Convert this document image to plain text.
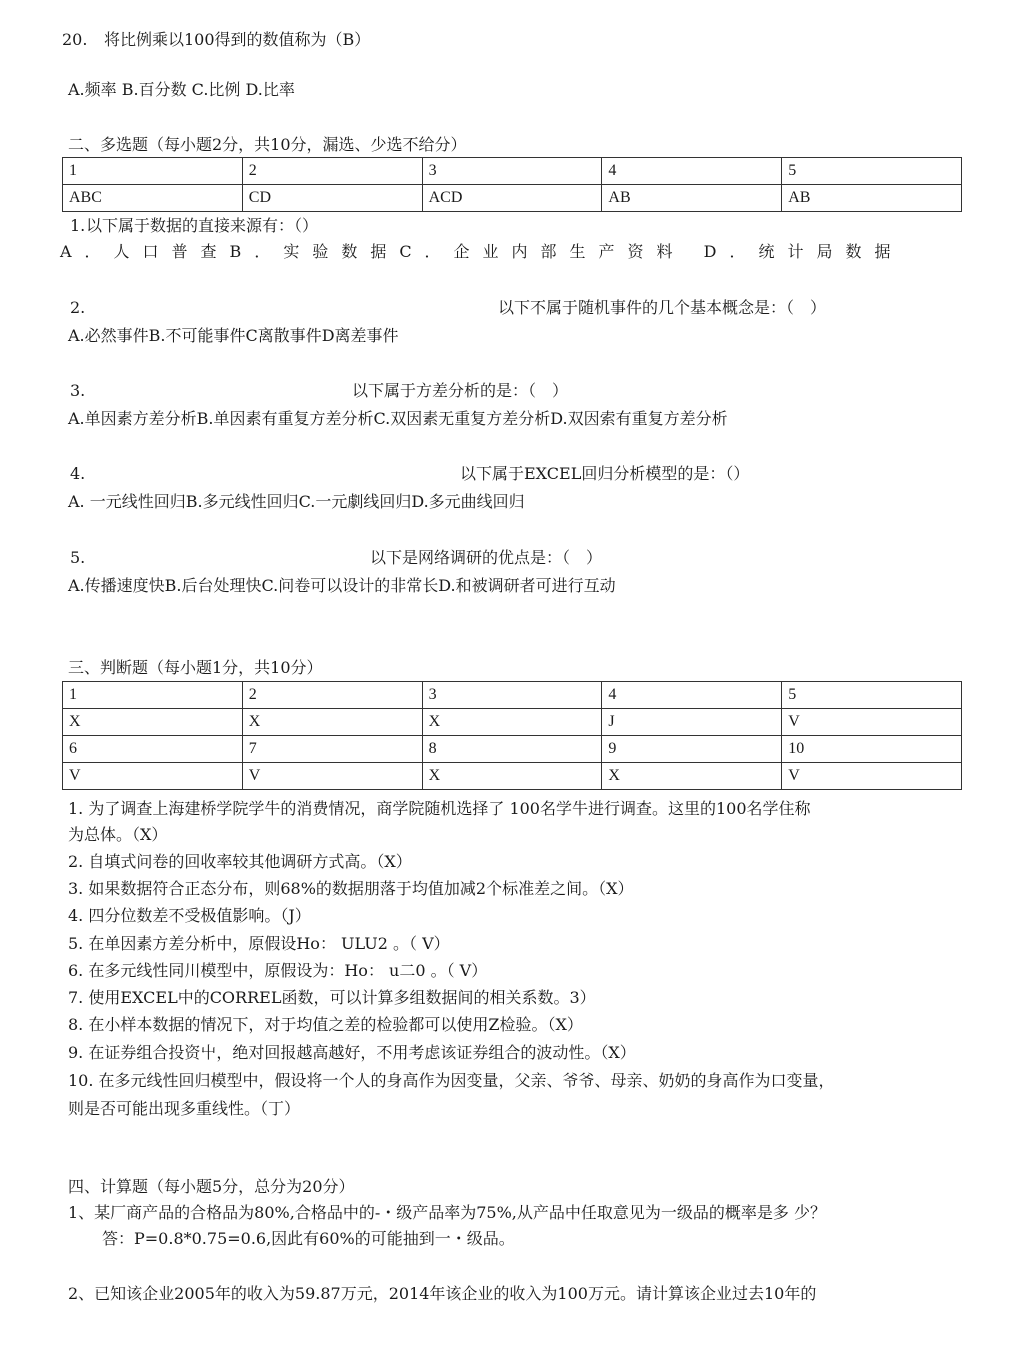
20. 将比例乘以100得到的数值称为（B）
A.频率 B.百分数 C.比例 D.比率
二、多选题（每小题2分，共10分，漏选、少选不给分）
1	2	3	4	5
ABC	CD	ACD	AB	AB
1. 以下属于数据的直接来源有：（）
A．人口普查B．实验数据C．企业内部生产资料 D．统计局数据
2.	以下不属于随机事件的几个基本概念是：（　）
A.必然事件B.不可能事件C离散事件D离差事件
3.	以下属于方差分析的是：（　）
A.单因素方差分析B.单因素有重复方差分析C.双因素无重复方差分析D.双因索有重复方差分析
4.	以下属于EXCEL回归分析模型的是：（）
A. 一元线性回归B.多元线性回归C.一元劇线回归D.多元曲线回归
5.	以下是网络调研的优点是：（　）
A.传播速度快B.后台处理快C.问卷可以设计的非常长D.和被调研者可进行互动
三、判断题（每小题1分，共10分）
1	2	3	4	5
X	X	X	J	V
6	7	8	9	10
V	V	X	X	V
1. 为了调查上海建桥学院学牛的消费情况，商学院随机选择了 100名学牛进行调查。这里的100名学住称
为总体。（X）
2. 自填式问卷的回收率较其他调研方式高。（X）
3. 如果数据符合正态分布，则68%的数据朋落于均值加减2个标准差之间。（X）
4. 四分位数差不受极值影响。（J）
5. 在单因素方差分析中，原假设Ho： ULU2 。（ V）
6. 在多元线性同川模型中，原假设为：Ho： u二0 。（ V）
7. 使用EXCEL中的CORREL函数，可以计算多组数据间的相关系数。3）
8. 在小样本数据的情况下，对于均值之差的检验都可以使用Z检验。（X）
9. 在证券组合投资屮，绝对回报越高越好，不用考虑该证券组合的波动性。（X）
10. 在多元线性回归模型中，假设将一个人的身高作为因变量，父亲、爷爷、母亲、奶奶的身高作为口变量，
则是否可能出现多重线性。（丁）
四、计算题（每小题5分，总分为20分）
1、某厂商产品的合格品为80%,合格品中的-・级产品率为75%,从产品中任取意见为一级品的概率是多 少？
答：P=0.8*0.75=0.6,因此有60%的可能抽到一・级品。
2、已知该企业2005年的收入为59.87万元，2014年该企业的收入为100万元。请计算该企业过去10年的
